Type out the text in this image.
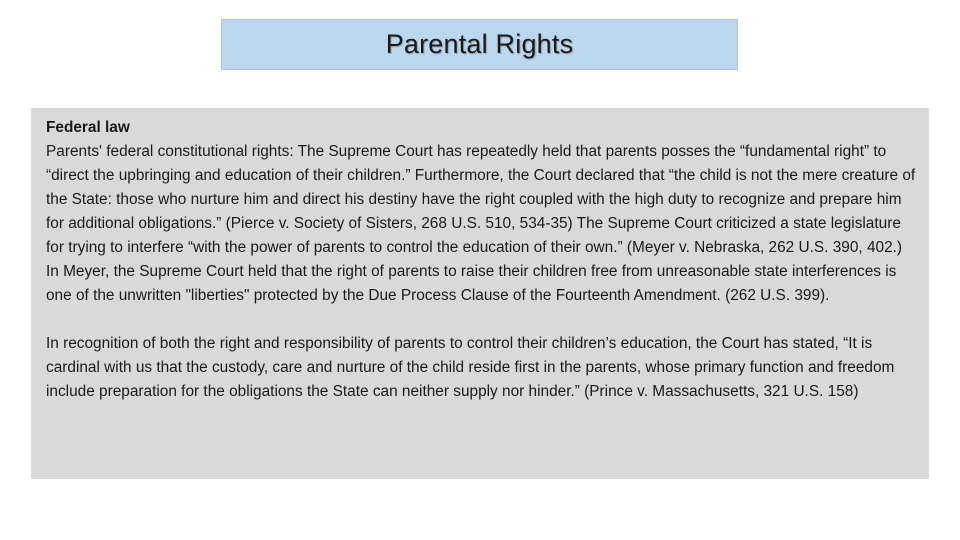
Parental Rights

Federal law

Parents' federal constitutional rights: The Supreme Court has repeatedly held that parents posses the “fundamental right” to “direct the upbringing and education of their children.” Furthermore, the Court declared that “the child is not the mere creature of the State: those who nurture him and direct his destiny have the right coupled with the high duty to recognize and prepare him for additional obligations.” (Pierce v. Society of Sisters, 268 U.S. 510, 534-35) The Supreme Court criticized a state legislature for trying to interfere “with the power of parents to control the education of their own.” (Meyer v. Nebraska, 262 U.S. 390, 402.) In Meyer, the Supreme Court held that the right of parents to raise their children free from unreasonable state interferences is one of the unwritten "liberties" protected by the Due Process Clause of the Fourteenth Amendment. (262 U.S. 399).

In recognition of both the right and responsibility of parents to control their children’s education, the Court has stated, “It is cardinal with us that the custody, care and nurture of the child reside first in the parents, whose primary function and freedom include preparation for the obligations the State can neither supply nor hinder.” (Prince v. Massachusetts, 321 U.S. 158)
